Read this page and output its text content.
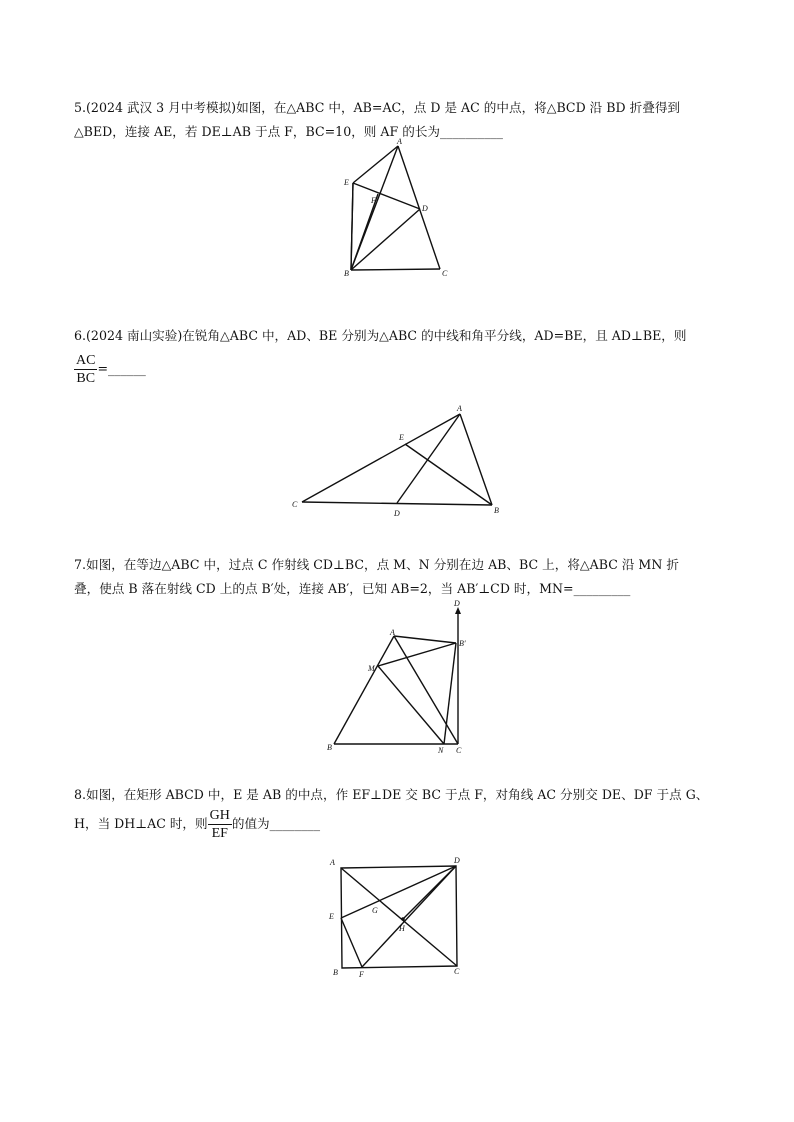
5.(2024 武汉 3 月中考模拟)如图，在△ABC 中，AB=AC，点 D 是 AC 的中点，将△BCD 沿 BD 折叠得到
△BED，连接 AE，若 DE⊥AB 于点 F，BC=10，则 AF 的长为__________
A
E
F
D
B	C
6.(2024 南山实验)在锐角△ABC 中，AD、BE 分别为△ABC 的中线和角平分线，AD=BE，且 AD⊥BE，则
$\frac{AC}{BC}$ =______
A
E
C
D	B
7.如图，在等边△ABC 中，过点 C 作射线 CD⊥BC，点 M、N 分别在边 AB、BC 上，将△ABC 沿 MN 折
叠，使点 B 落在射线 CD 上的点 B′处，连接 AB′，已知 AB=2，当 AB′⊥CD 时，MN=_________
D
A
B′
M
B	N C
8.如图，在矩形 ABCD 中，E 是 AB 的中点，作 EF⊥DE 交 BC 于点 F，对角线 AC 分别交 DE、DF 于点 G、
H，当 DH⊥AC 时，则 $\frac{GH}{EF}$ 的值为________
A	D
E
G
H
B	F	C
